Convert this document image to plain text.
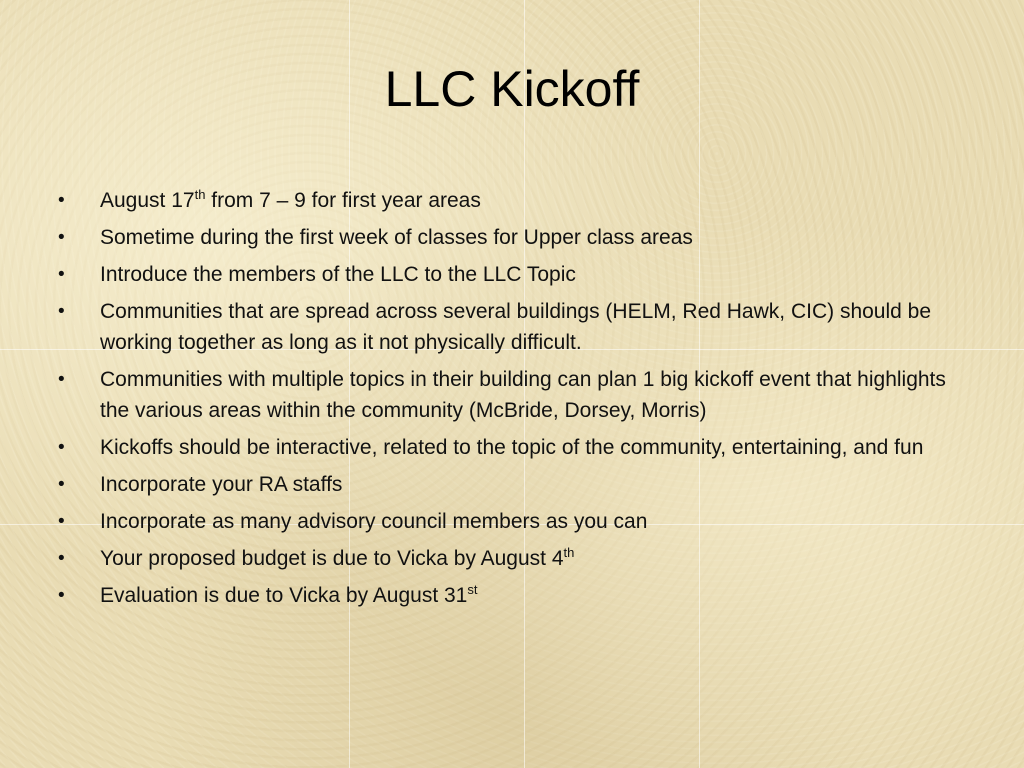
LLC Kickoff
•	August 17th from 7 – 9 for first year areas
•	Sometime during the first week of classes for Upper class areas
•	Introduce the members of the LLC to the LLC Topic
•	Communities that are spread across several buildings (HELM, Red Hawk, CIC) should be working together as long as it not physically difficult.
•	Communities with multiple topics in their building can plan 1 big kickoff event that highlights the various areas within the community (McBride, Dorsey, Morris)
•	Kickoffs should be interactive, related to the topic of the community, entertaining, and fun
•	Incorporate your RA staffs
•	Incorporate as many advisory council members as you can
•	Your proposed budget is due to Vicka by August 4th
•	Evaluation is due to Vicka by August 31st
